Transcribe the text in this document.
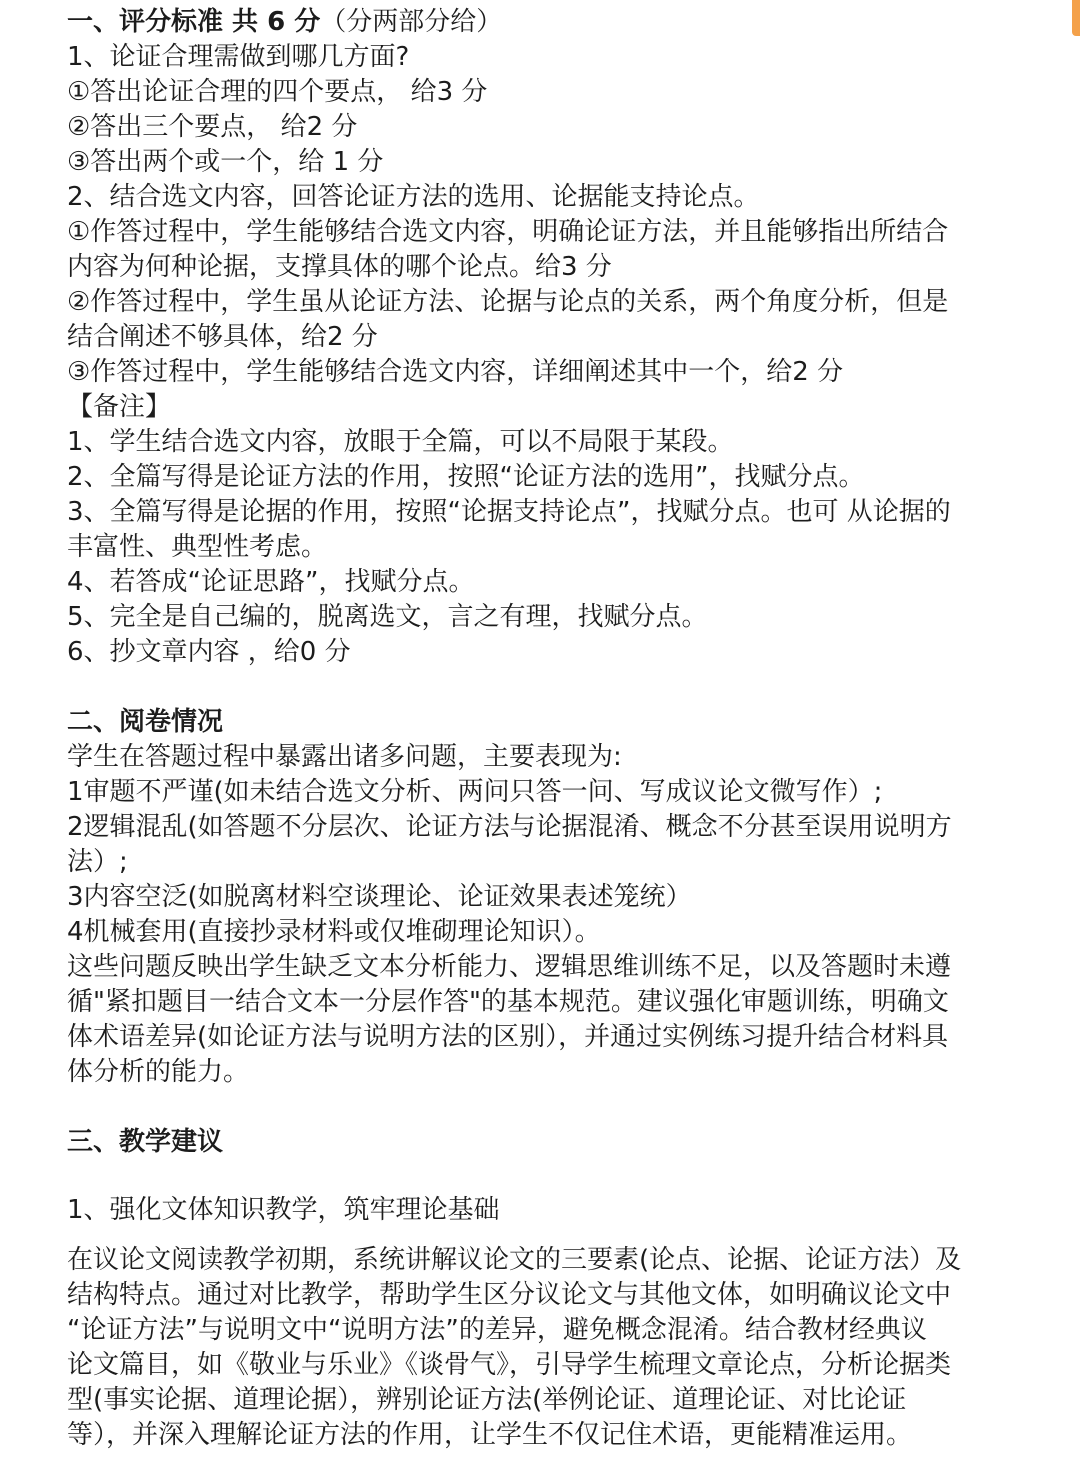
一、评分标准 共 6 分（分两部分给）
1、论证合理需做到哪几方面?
①答出论证合理的四个要点， 给3 分
②答出三个要点， 给2 分
③答出两个或一个，给 1 分
2、结合选文内容，回答论证方法的选用、论据能支持论点。
①作答过程中，学生能够结合选文内容，明确论证方法，并且能够指出所结合
内容为何种论据，支撑具体的哪个论点。给3 分
②作答过程中，学生虽从论证方法、论据与论点的关系，两个角度分析，但是
结合阐述不够具体，给2 分
③作答过程中，学生能够结合选文内容，详细阐述其中一个，给2 分
【备注】
1、学生结合选文内容，放眼于全篇，可以不局限于某段。
2、全篇写得是论证方法的作用，按照“论证方法的选用”，找赋分点。
3、全篇写得是论据的作用，按照“论据支持论点”，找赋分点。也可 从论据的
丰富性、典型性考虑。
4、若答成“论证思路”，找赋分点。
5、完全是自己编的，脱离选文，言之有理，找赋分点。
6、抄文章内容 ，给0 分
二、阅卷情况
学生在答题过程中暴露出诸多问题，主要表现为:
1审题不严谨(如未结合选文分析、两问只答一问、写成议论文微写作）;
2逻辑混乱(如答题不分层次、论证方法与论据混淆、概念不分甚至误用说明方
法）;
3内容空泛(如脱离材料空谈理论、论证效果表述笼统）
4机械套用(直接抄录材料或仅堆砌理论知识）。
这些问题反映出学生缺乏文本分析能力、逻辑思维训练不足，以及答题时未遵
循"紧扣题目一结合文本一分层作答"的基本规范。建议强化审题训练，明确文
体术语差异(如论证方法与说明方法的区别），并通过实例练习提升结合材料具
体分析的能力。
三、教学建议
1、强化文体知识教学，筑牢理论基础
在议论文阅读教学初期，系统讲解议论文的三要素(论点、论据、论证方法）及
结构特点。通过对比教学，帮助学生区分议论文与其他文体，如明确议论文中
“论证方法”与说明文中“说明方法”的差异，避免概念混淆。结合教材经典议
论文篇目，如《敬业与乐业》《谈骨气》，引导学生梳理文章论点，分析论据类
型(事实论据、道理论据），辨别论证方法(举例论证、道理论证、对比论证
等），并深入理解论证方法的作用，让学生不仅记住术语，更能精准运用。
